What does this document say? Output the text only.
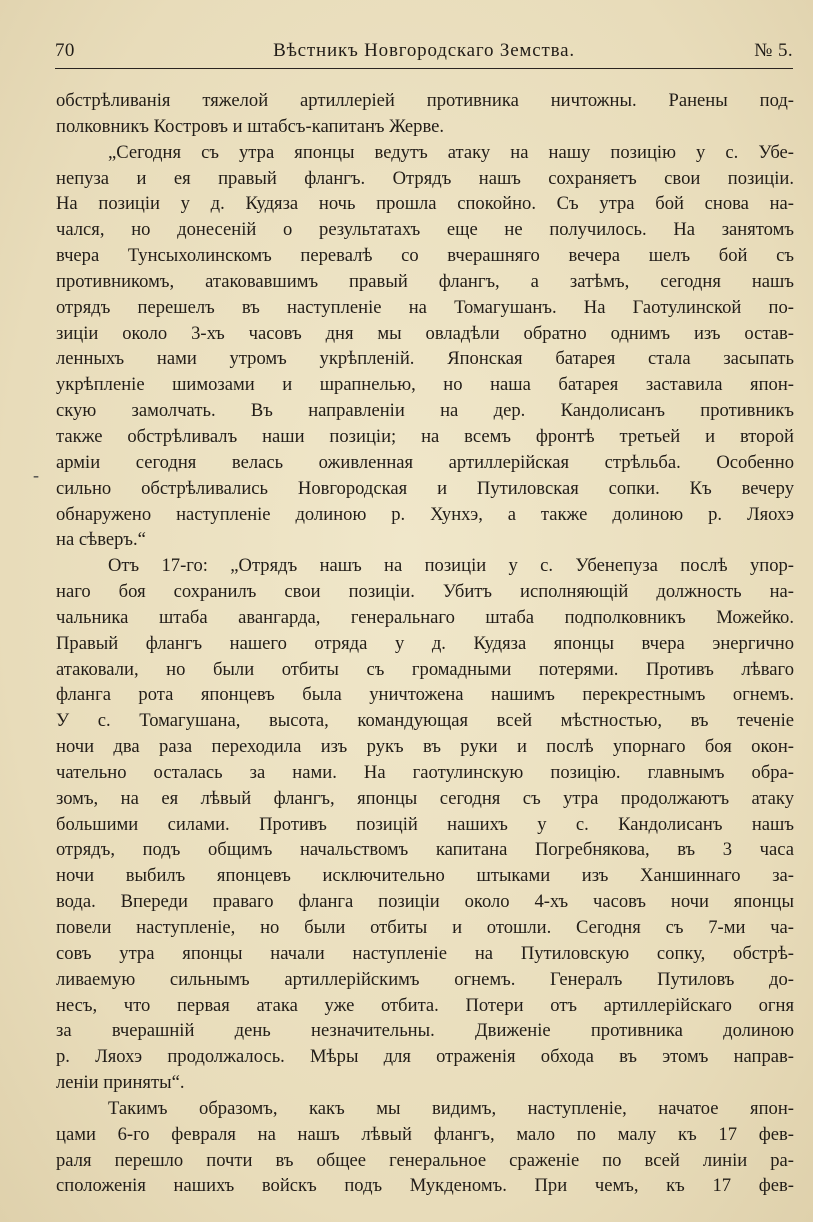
70	Вѣстникъ Новгородскаго Земства.	№ 5.
-
обстрѣливанія тяжелой артиллеріей противника ничтожны. Ранены под-
полковникъ Костровъ и штабсъ-капитанъ Жерве.
„Сегодня съ утра японцы ведутъ атаку на нашу позицію у с. Убе-
непуза и ея правый флангъ. Отрядъ нашъ сохраняетъ свои позиціи.
На позиціи у д. Кудяза ночь прошла спокойно. Съ утра бой снова на-
чался, но донесеній о результатахъ еще не получилось. На занятомъ
вчера Тунсыхолинскомъ перевалѣ со вчерашняго вечера шелъ бой съ
противникомъ, атаковавшимъ правый флангъ, а затѣмъ, сегодня нашъ
отрядъ перешелъ въ наступленіе на Томагушанъ. На Гаотулинской по-
зиціи около 3-хъ часовъ дня мы овладѣли обратно однимъ изъ остав-
ленныхъ нами утромъ укрѣпленій. Японская батарея стала засыпать
укрѣпленіе шимозами и шрапнелью, но наша батарея заставила япон-
скую замолчать. Въ направленіи на дер. Кандолисанъ противникъ
также обстрѣливалъ наши позиціи; на всемъ фронтѣ третьей и второй
арміи сегодня велась оживленная артиллерійская стрѣльба. Особенно
сильно обстрѣливались Новгородская и Путиловская сопки. Къ вечеру
обнаружено наступленіе долиною р. Хунхэ, а также долиною р. Ляохэ
на сѣверъ.“
Отъ 17-го: „Отрядъ нашъ на позиціи у с. Убенепуза послѣ упор-
наго боя сохранилъ свои позиціи. Убитъ исполняющій должность на-
чальника штаба авангарда, генеральнаго штаба подполковникъ Можейко.
Правый флангъ нашего отряда у д. Кудяза японцы вчера энергично
атаковали, но были отбиты съ громадными потерями. Противъ лѣваго
фланга рота японцевъ была уничтожена нашимъ перекрестнымъ огнемъ.
У с. Томагушана, высота, командующая всей мѣстностью, въ теченіе
ночи два раза переходила изъ рукъ въ руки и послѣ упорнаго боя окон-
чательно осталась за нами. На гаотулинскую позицію. главнымъ обра-
зомъ, на ея лѣвый флангъ, японцы сегодня съ утра продолжаютъ атаку
большими силами. Противъ позицій нашихъ у с. Кандолисанъ нашъ
отрядъ, подъ общимъ начальствомъ капитана Погребнякова, въ 3 часа
ночи выбилъ японцевъ исключительно штыками изъ Ханшиннаго за-
вода. Впереди праваго фланга позиціи около 4-хъ часовъ ночи японцы
повели наступленіе, но были отбиты и отошли. Сегодня съ 7-ми ча-
совъ утра японцы начали наступленіе на Путиловскую сопку, обстрѣ-
ливаемую сильнымъ артиллерійскимъ огнемъ. Генералъ Путиловъ до-
несъ, что первая атака уже отбита. Потери отъ артиллерійскаго огня
за вчерашній день незначительны. Движеніе противника долиною
р. Ляохэ продолжалось. Мѣры для отраженія обхода въ этомъ направ-
леніи приняты“.
Такимъ образомъ, какъ мы видимъ, наступленіе, начатое япон-
цами 6-го февраля на нашъ лѣвый флангъ, мало по малу къ 17 фев-
раля перешло почти въ общее генеральное сраженіе по всей линіи ра-
сположенія нашихъ войскъ подъ Мукденомъ. При чемъ, къ 17 фев-
